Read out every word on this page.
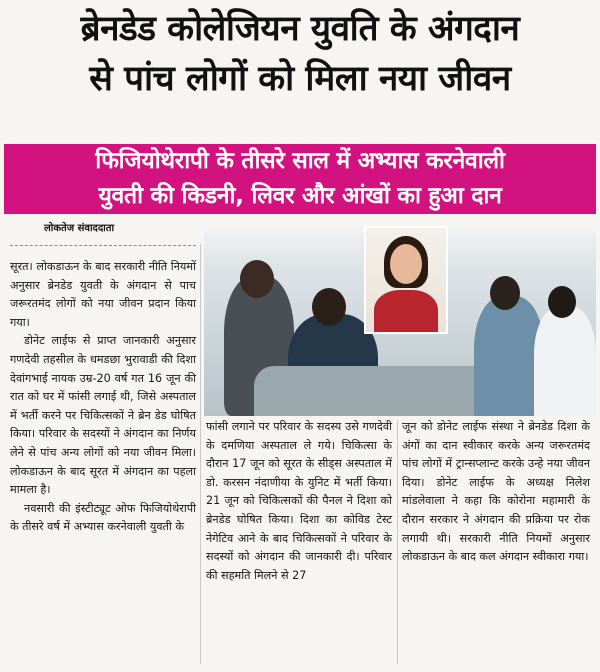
ब्रेनडेड कोलेजियन युवति के अंगदान
से पांच लोगों को मिला नया जीवन
फिजियोथेरापी के तीसरे साल में अभ्यास करनेवाली
युवती की किडनी, लिवर और आंखों का हुआ दान
लोकतेज संवाददाता

सूरत। लोकडाऊन के बाद सरकारी नीति नियमों अनुसार ब्रेनडेड युवती के अंगदान से पाच जरूरतमंद लोगों को नया जीवन प्रदान किया गया।

डोनेट लाईफ से प्राप्त जानकारी अनुसार गणदेवी तहसील के धमडछा भुरावाडी की दिशा देवांगभाई नायक उम्र-20 वर्ष गत 16 जून की रात को घर में फांसी लगाई थी, जिसे अस्पताल में भर्ती करने पर चिकित्सकों ने ब्रेन डेड घोषित किया। परिवार के सदस्यों ने अंगदान का निर्णय लेने से पांच अन्य लोगों को नया जीवन मिला। लोकडाऊन के बाद सूरत में अंगदान का पहला मामला है।

नवसारी की इंस्टीट्यूट ओफ फिजियोथेरापी के तीसरे वर्ष में अभ्यास करनेवाली युवती के

फांसी लगाने पर परिवार के सदस्य उसे गणदेवी के दमणिया अस्पताल ले गये। चिकित्सा के दौरान 17 जून को सूरत के सीड्स अस्पताल में डो. करसन नंदाणीया के युनिट में भर्ती किया। 21 जून को चिकित्सकों की पैनल ने दिशा को ब्रेनडेड घोषित किया। दिशा का कोविड टेस्ट नेगेटिव आने के बाद चिकित्सकों ने परिवार के सदस्यों को अंगदान की जानकारी दी। परिवार की सहमति मिलने से 27

जून को डोनेट लाईफ संस्था ने ब्रेनडेड दिशा के अंगों का दान स्वीकार करके अन्य जरूरतमंद पांच लोगों में ट्रान्सप्लान्ट करके उन्हे नया जीवन दिया। डोनेट लाईफ के अध्यक्ष निलेश मांडलेवाला ने कहा कि कोरोना महामारी के दौरान सरकार ने अंगदान की प्रक्रिया पर रोक लगायी थी। सरकारी नीति नियमों अनुसार लोकडाऊन के बाद कल अंगदान स्वीकारा गया।
